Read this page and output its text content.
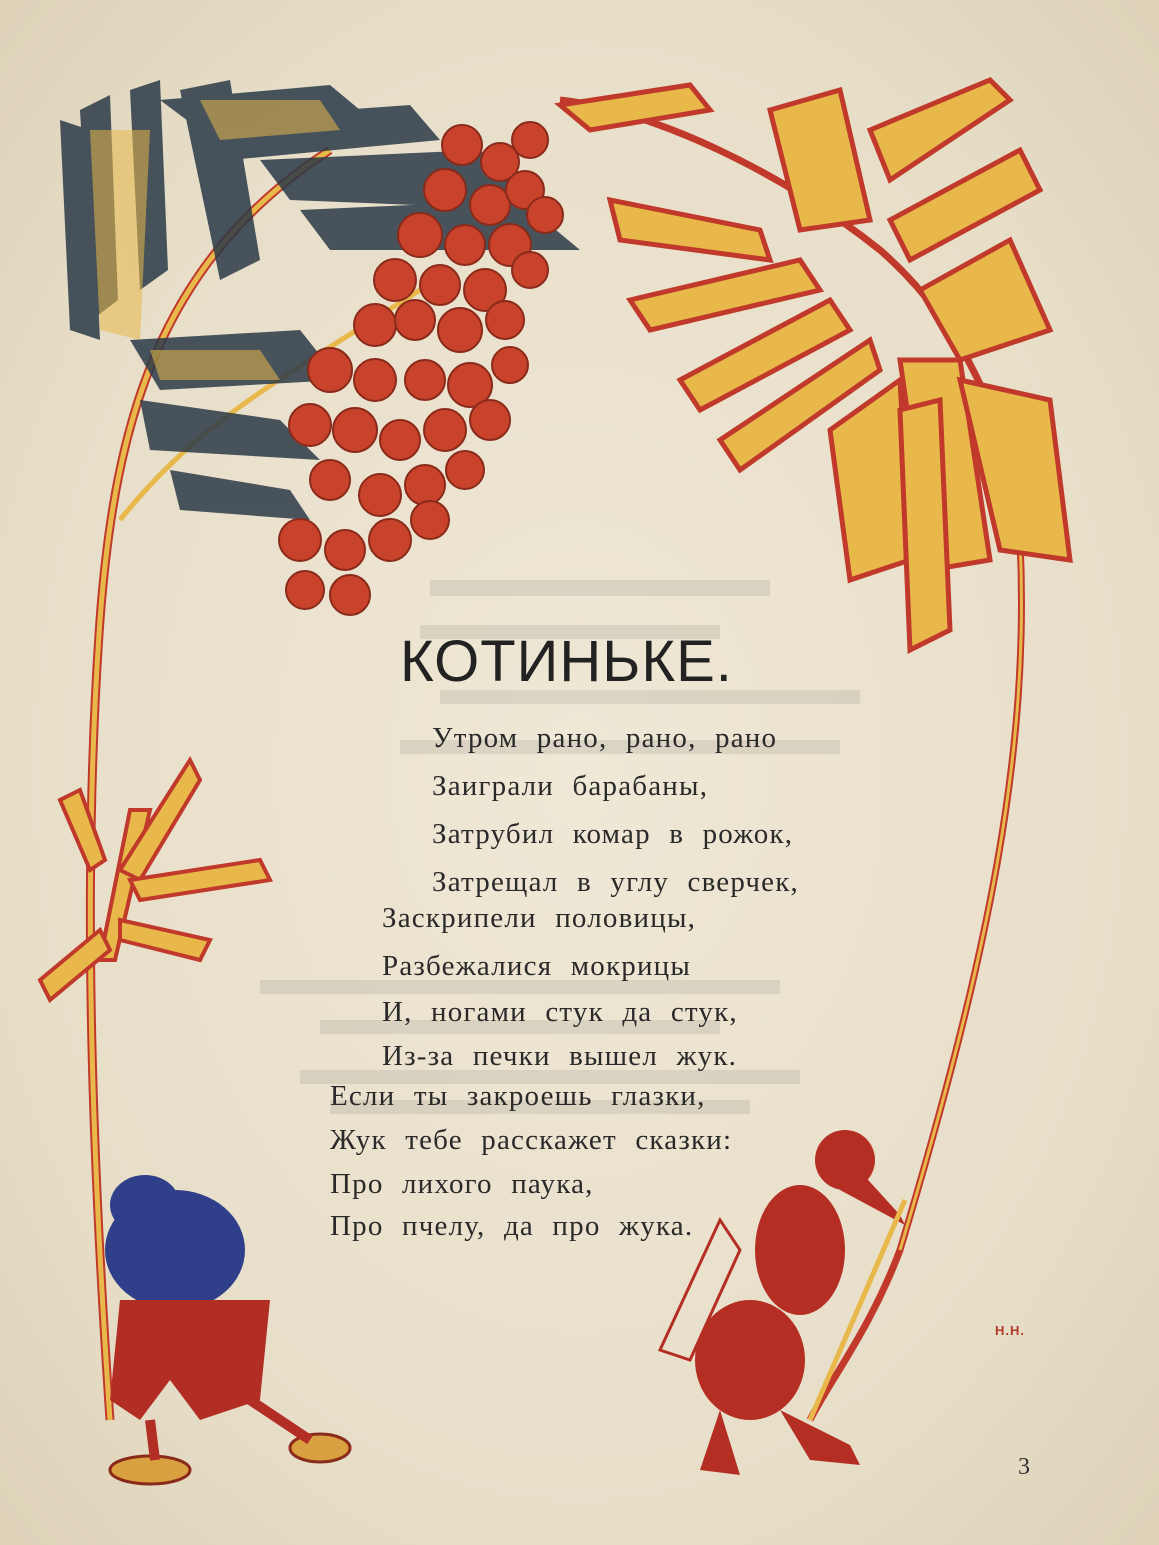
КОТИНЬКЕ.
Утром рано, рано, рано
Заиграли барабаны,
Затрубил комар в рожок,
Затрещал в углу сверчек,
Заскрипели половицы,
Разбежалися мокрицы
И, ногами стук да стук,
Из-за печки вышел жук.
Если ты закроешь глазки,
Жук тебе расскажет сказки:
Про лихого паука,
Про пчелу, да про жука.
Н.Н.
3
